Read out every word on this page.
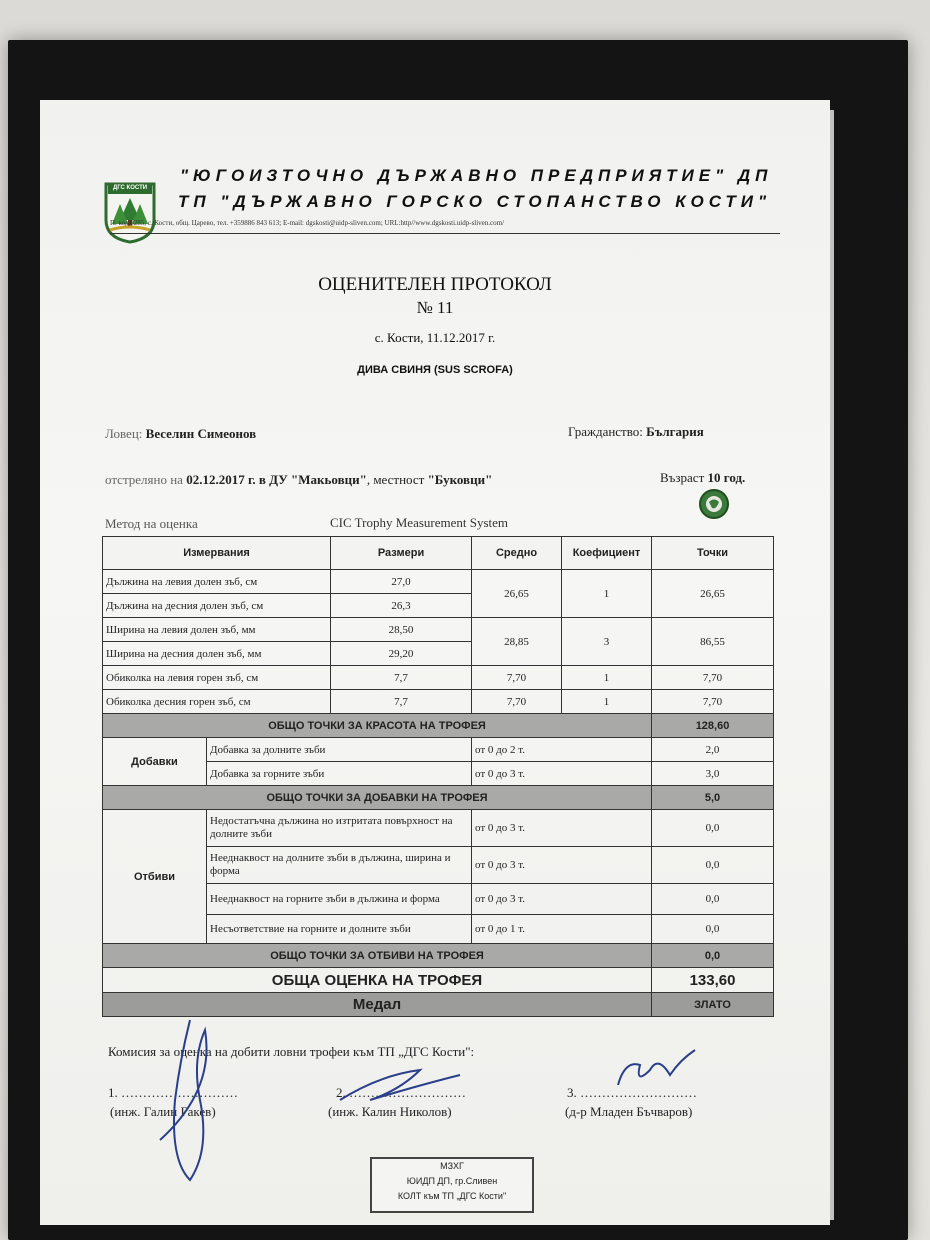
ДГС КОСТИ
"ЮГОИЗТОЧНО ДЪРЖАВНО ПРЕДПРИЯТИЕ" ДП
ТП "ДЪРЖАВНО ГОРСКО СТОПАНСТВО КОСТИ"
П. код 8285, с. Кости, общ. Царево, тел. +359886 843 613; E-mail: dgskosti@uidp-sliven.com; URL:http//www.dgskosti.uidp-sliven.com/
ОЦЕНИТЕЛЕН ПРОТОКОЛ
№ 11
с. Кости, 11.12.2017 г.
ДИВА СВИНЯ (SUS SCROFA)
Ловец: Веселин Симеонов	Гражданство: България
отстреляно на 02.12.2017 г. в ДУ "Макьовци", местност "Буковци"	Възраст 10 год.
Метод на оценка	CIC Trophy Measurement System
Измервания		Размери	Средно	Коефициент	Точки
Дължина на левия долен зъб, см		27,0	26,65	1	26,65
Дължина на десния долен зъб, см		26,3			
Ширина на левия долен зъб, мм		28,50	28,85	3	86,55
Ширина на десния долен зъб, мм		29,20			
Обиколка на левия горен зъб, см		7,7	7,70	1	7,70
Обиколка десния горен зъб, см		7,7	7,70	1	7,70
ОБЩО ТОЧКИ ЗА КРАСОТА НА ТРОФЕЯ					128,60
Добавки	Добавка за долните зъби		от 0 до 2 т.		2,0
	Добавка за горните зъби		от 0 до 3 т.		3,0
ОБЩО ТОЧКИ ЗА ДОБАВКИ НА ТРОФЕЯ					5,0
Отбиви	Недостатъчна дължина но изтритата повърхност на долните зъби		от 0 до 3 т.		0,0
	Нееднаквост на долните зъби в дължина, ширина и форма		от 0 до 3 т.		0,0
	Нееднаквост на горните зъби в дължина и форма		от 0 до 3 т.		0,0
	Несъответствие на горните и долните зъби		от 0 до 1 т.		0,0
ОБЩО ТОЧКИ ЗА ОТБИВИ НА ТРОФЕЯ					0,0
ОБЩА ОЦЕНКА НА ТРОФЕЯ					133,60
Медал					ЗЛАТО
Комисия за оценка на добити ловни трофеи към ТП „ДГС Кости":
1. ………………………
(инж. Галин Гакев)
2. ………………………
(инж. Калин Николов)
3. ………………………
(д-р Младен Бъчваров)
МЗХГ
ЮИДП ДП, гр.Сливен
КОЛТ към ТП „ДГС Кости"
